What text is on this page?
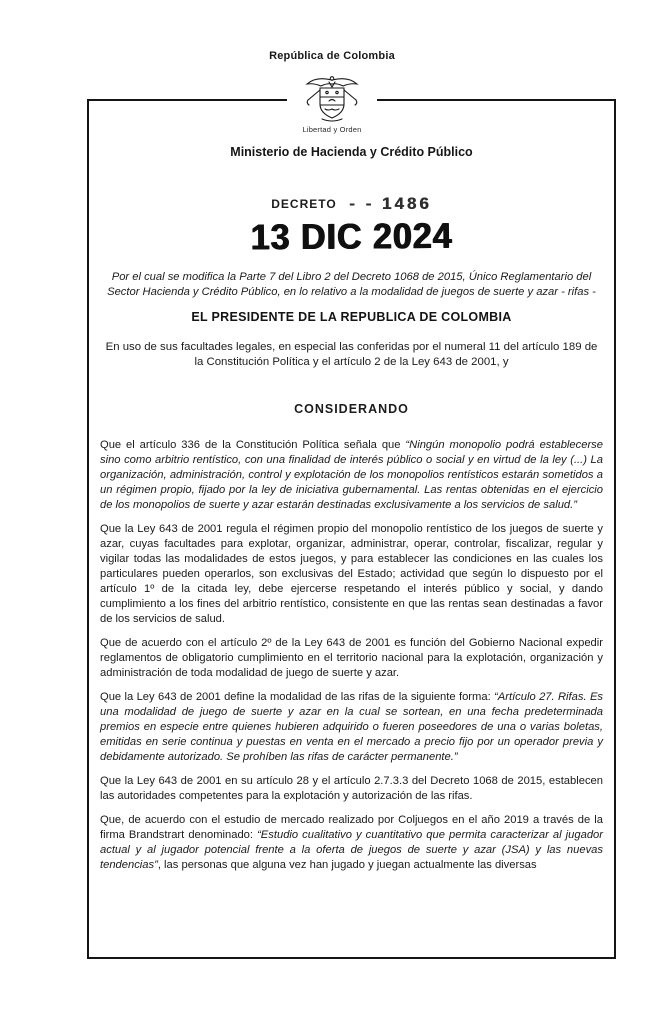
República de Colombia
Libertad y Orden
Ministerio de Hacienda y Crédito Público
DECRETO - - 1486
13 DIC 2024
Por el cual se modifica la Parte 7 del Libro 2 del Decreto 1068 de 2015, Único Reglamentario del Sector Hacienda y Crédito Público, en lo relativo a la modalidad de juegos de suerte y azar - rifas -
EL PRESIDENTE DE LA REPUBLICA DE COLOMBIA
En uso de sus facultades legales, en especial las conferidas por el numeral 11 del artículo 189 de la Constitución Política y el artículo 2 de la Ley 643 de 2001, y
CONSIDERANDO

Que el artículo 336 de la Constitución Política señala que “Ningún monopolio podrá establecerse sino como arbitrio rentístico, con una finalidad de interés público o social y en virtud de la ley (...) La organización, administración, control y explotación de los monopolios rentísticos estarán sometidos a un régimen propio, fijado por la ley de iniciativa gubernamental. Las rentas obtenidas en el ejercicio de los monopolios de suerte y azar estarán destinadas exclusivamente a los servicios de salud.”

Que la Ley 643 de 2001 regula el régimen propio del monopolio rentístico de los juegos de suerte y azar, cuyas facultades para explotar, organizar, administrar, operar, controlar, fiscalizar, regular y vigilar todas las modalidades de estos juegos, y para establecer las condiciones en las cuales los particulares pueden operarlos, son exclusivas del Estado; actividad que según lo dispuesto por el artículo 1º de la citada ley, debe ejercerse respetando el interés público y social, y dando cumplimiento a los fines del arbitrio rentístico, consistente en que las rentas sean destinadas a favor de los servicios de salud.

Que de acuerdo con el artículo 2º de la Ley 643 de 2001 es función del Gobierno Nacional expedir reglamentos de obligatorio cumplimiento en el territorio nacional para la explotación, organización y administración de toda modalidad de juego de suerte y azar.

Que la Ley 643 de 2001 define la modalidad de las rifas de la siguiente forma: “Artículo 27. Rifas. Es una modalidad de juego de suerte y azar en la cual se sortean, en una fecha predeterminada premios en especie entre quienes hubieren adquirido o fueren poseedores de una o varias boletas, emitidas en serie continua y puestas en venta en el mercado a precio fijo por un operador previa y debidamente autorizado. Se prohíben las rifas de carácter permanente.”

Que la Ley 643 de 2001 en su artículo 28 y el artículo 2.7.3.3 del Decreto 1068 de 2015, establecen las autoridades competentes para la explotación y autorización de las rifas.

Que, de acuerdo con el estudio de mercado realizado por Coljuegos en el año 2019 a través de la firma Brandstrart denominado: “Estudio cualitativo y cuantitativo que permita caracterizar al jugador actual y al jugador potencial frente a la oferta de juegos de suerte y azar (JSA) y las nuevas tendencias”, las personas que alguna vez han jugado y juegan actualmente las diversas
